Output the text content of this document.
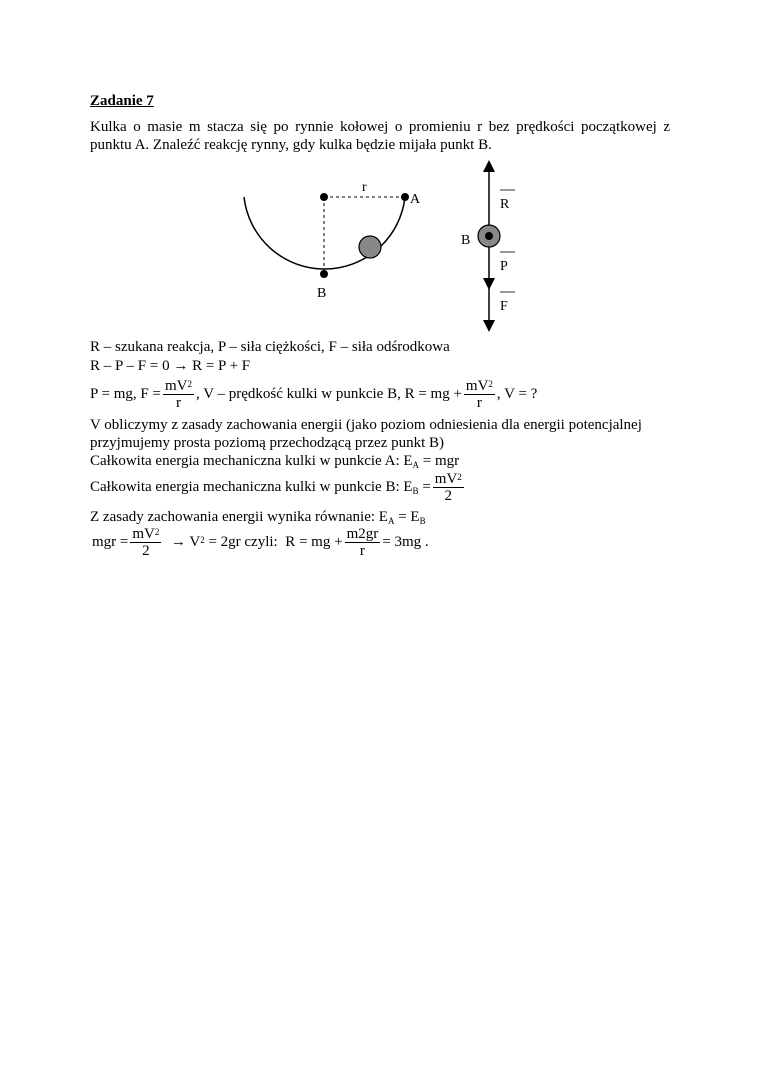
Zadanie 7
Kulka o masie m stacza się po rynnie kołowej o promieniu r bez prędkości początkowej z punktu A. Znaleźć reakcję rynny, gdy kulka będzie mijała punkt B.
r
A
B
B
R
P
F
R – szukana reakcja, P – siła ciężkości, F – siła odśrodkowa
R – P – F = 0 → R = P + F
P = mg, $F = \frac{mV^2}{r}$ , V – prędkość kulki w punkcie B, R = mg + $\frac{mV^2}{r}$ , V = ?
V obliczymy z zasady zachowania energii (jako poziom odniesienia dla energii potencjalnej przyjmujemy prosta poziomą przechodzącą przez punkt B)
Całkowita energia mechaniczna kulki w punkcie A: $E_A$ = mgr
Całkowita energia mechaniczna kulki w punkcie B: $E_B = \frac{mV^2}{2}$
Z zasady zachowania energii wynika równanie: $E_A = E_B$
mgr = $\frac{mV^2}{2} \to V^2 = 2gr$ czyli: R = mg + $\frac{m2gr}{r} = 3mg$ .
